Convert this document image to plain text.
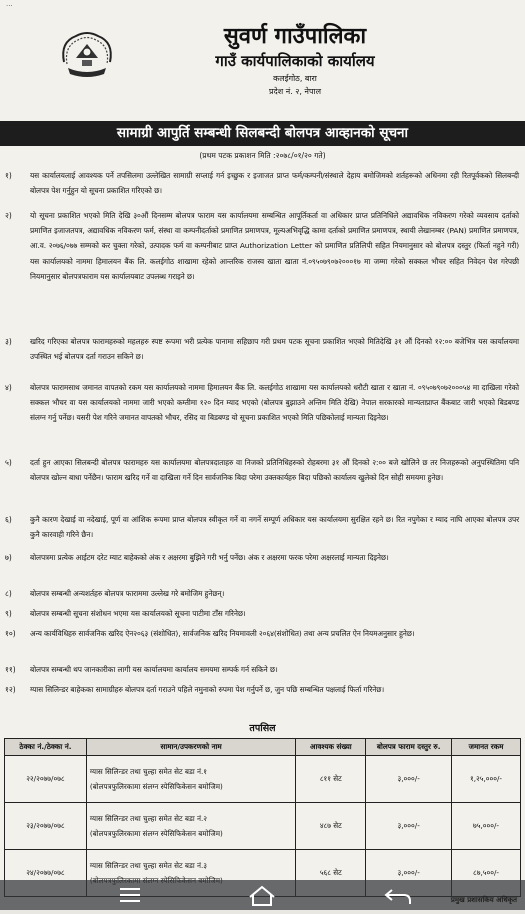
...
सुवर्ण गाउँपालिका
गाउँ कार्यपालिकाको कार्यालय
कलईगोठ, बारा
प्रदेश नं. २, नेपाल
सामाग्री आपुर्ति सम्बन्धी सिलबन्दी बोलपत्र आव्हानको सूचना
(प्रथम पटक प्रकाशन मिति :२०७८/०१/२० गते)
१)	यस कार्यालयलाई आवश्यक पर्ने तपसिलमा उल्लेखित सामाग्री सप्लाई गर्न इच्छुक र इजाजत प्राप्त फर्म/कम्पनी/संस्थाले देहाय बमोजिमको शर्तहरूको अधिनमा रही रितपूर्वकको सिलबन्दी बोलपत्र पेश गर्नुहुन यो सूचना प्रकाशित गरिएको छ।
२)	यो सूचना प्रकाशित भएको मिति देखि ३०औं दिनसम्म बोलपत्र फाराम यस कार्यालयमा सम्बन्धित आपूर्तिकर्ता वा अधिकार प्राप्त प्रतिनिधिले अद्यावधिक नविकरण गरेको व्यवसाय दर्ताको प्रमाणित इजाजतपत्र, अद्यावधिक नविकरण फर्म, संस्था वा कम्पनीदर्ताको प्रमाणित प्रमाणपत्र, मूल्यअभिवृद्धि कामा दर्ताको प्रमाणित प्रमाणपत्र, स्थायी लेखानम्बर (PAN) प्रमाणित प्रमाणपत्र, आ.व. २०७६/०७७ सम्मको कर चुक्ता गरेको, उत्पादक फर्म वा कम्पनीबाट प्राप्त Authorization Letter को प्रमाणित प्रतिलिपी सहित नियमानुसार को बोलपत्र दस्तुर (फिर्ता नहुने गरी) यस कार्यालयको नाममा हिमालयन बैंक लि. कलईगोठ शाखामा रहेको आन्तरिक राजस्व खाता खाता नं.०९५०७९०७२०००१७ मा जम्मा गरेको सक्कल भौचर सहित निवेदन पेश गरेपछी नियमानुसार बोलपत्रफाराम यस कार्यालयबाट उपलब्ध गराइने छ।
३)	खरिद गरिएका बोलपत्र फारामहरुको महलहरु स्पष्ट रूपमा भरी प्रत्येक पानामा सहिछाप गरी प्रथम पटक सूचना प्रकाशित भएको मितिदेखि ३१ औं दिनको १२:०० बजेभित्र यस कार्यालयमा उपस्थित भई बोलपत्र दर्ता गराउन सकिने छ।
४)	बोलपत्र फारामसाथ जमानत वापतको रकम यस कार्यालयको नाममा हिमालयन बैंक लि. कलईगोठ शाखामा यस कार्यालयको धरौटी खाता र खाता नं. ०९५०७९०७२०००५४ मा दाखिला गरेको सक्कल भौचर वा यस कार्यालयको नाममा जारी भएको कम्तीमा १२० दिन म्याद भएको (बोलपत्र बुझाउने अन्तिम मिति देखि) नेपाल सरकारको मान्यताप्राप्त बैंकबाट जारी भएको बिडबण्ड संलग्न गर्नु पर्नेछ। यसरी पेश गरिने जमानत वापतको भौचर, रसिद वा बिडबण्ड यो सूचना प्रकाशित भएको मिति पछिकोलाई मान्यता दिइनेछ।
५)	दर्ता हुन आएका सिलबन्दी बोलपत्र फारामहरु यस कार्यालयमा बोलपत्रदाताहरु वा निजको प्रतिनिधिहरुको रोहबरमा ३१ औं दिनको २:०० बजे खोलिने छ तर निजहरूको अनुपस्थितिमा पनि बोलपत्र खोल्न बाधा पर्नेछैन। फाराम खरिद गर्ने वा दाखिला गर्ने दिन सार्वजनिक बिदा परेमा उक्तकार्यहरु बिदा पछिको कार्यालय खुलेको दिन सोही समयमा हुनेछ।
६)	कुनै कारण देखाई वा नदेखाई, पूर्ण वा आंशिक रूपमा प्राप्त बोलपत्र स्वीकृत गर्ने वा नगर्ने सम्पूर्ण अधिकार यस कार्यालयमा सुरक्षित रहने छ। रित नपुगेका र म्याद नाघि आएका बोलपत्र उपर कुनै कारवाही गरिने छैन।
७)	बोलपत्रमा प्रत्येक आईटम दरेट म्याट बाहेकको अंक र अक्षरमा बुझिने गरी भर्नु पर्नेछ। अंक र अक्षरमा फरक परेमा अक्षरलाई मान्यता दिइनेछ।
८)	बोलपत्र सम्बन्धी अन्यशर्तहरु बोलपत्र फाराममा उल्लेख गरे बमोजिम हुनेछन्।
९)	बोलपत्र सम्बन्धी सूचना संशोधन भएमा यस कार्यालयको सूचना पाटीमा टाँस गरिनेछ।
१०)	अन्य कार्यविधिहरु सार्वजनिक खरिद ऐन२०६३ (संशोधित), सार्वजनिक खरिद नियमावली २०६४(संशोधित) तथा अन्य प्रचलित ऐन नियमअनुसार हुनेछ।
११)	बोलपत्र सम्बन्धी थप जानकारीका लागी यस कार्यालयमा कार्यालय समयमा सम्पर्क गर्न सकिने छ।
१२)	ग्यास सिलिन्डर बाहेकका सामाग्रीहरु बोलपत्र दर्ता गराउने पहिले नमुनाको रुपमा पेश गर्नुपर्ने छ, जुन पछि सम्बन्धित पक्षलाई फिर्ता गरिनेछ।
तपसिल
ठेक्का नं./ठेक्का नं.	सामान/उपकरणको नाम	आवश्यक संख्या	बोलपत्र फाराम दस्तुर रु.	जमानत रकम
२२/२०७७/०७८	ग्यास सिलिन्डर तथा चुल्हा समेत सेट बडा नं.१
(बोलपत्रफुलिरकामा संलग्न स्पेसिफिकेसन बमोजिम)	८११ सेट	३,०००/-	१,२५,०००/-
२३/२०७७/०७८	ग्यास सिलिन्डर तथा चुल्हा समेत सेट बडा नं.२
(बोलपत्रफुलिरकामा संलग्न स्पेसिफिकेसन बमोजिम)	४८७ सेट	३,०००/-	७५,०००/-
२४/२०७७/०७८	ग्यास सिलिन्डर तथा चुल्हा समेत सेट बडा नं.३	५६८ सेट	३,०००/-	८७,५००/-
प्रमुख प्रशासकिय अधिकृत
